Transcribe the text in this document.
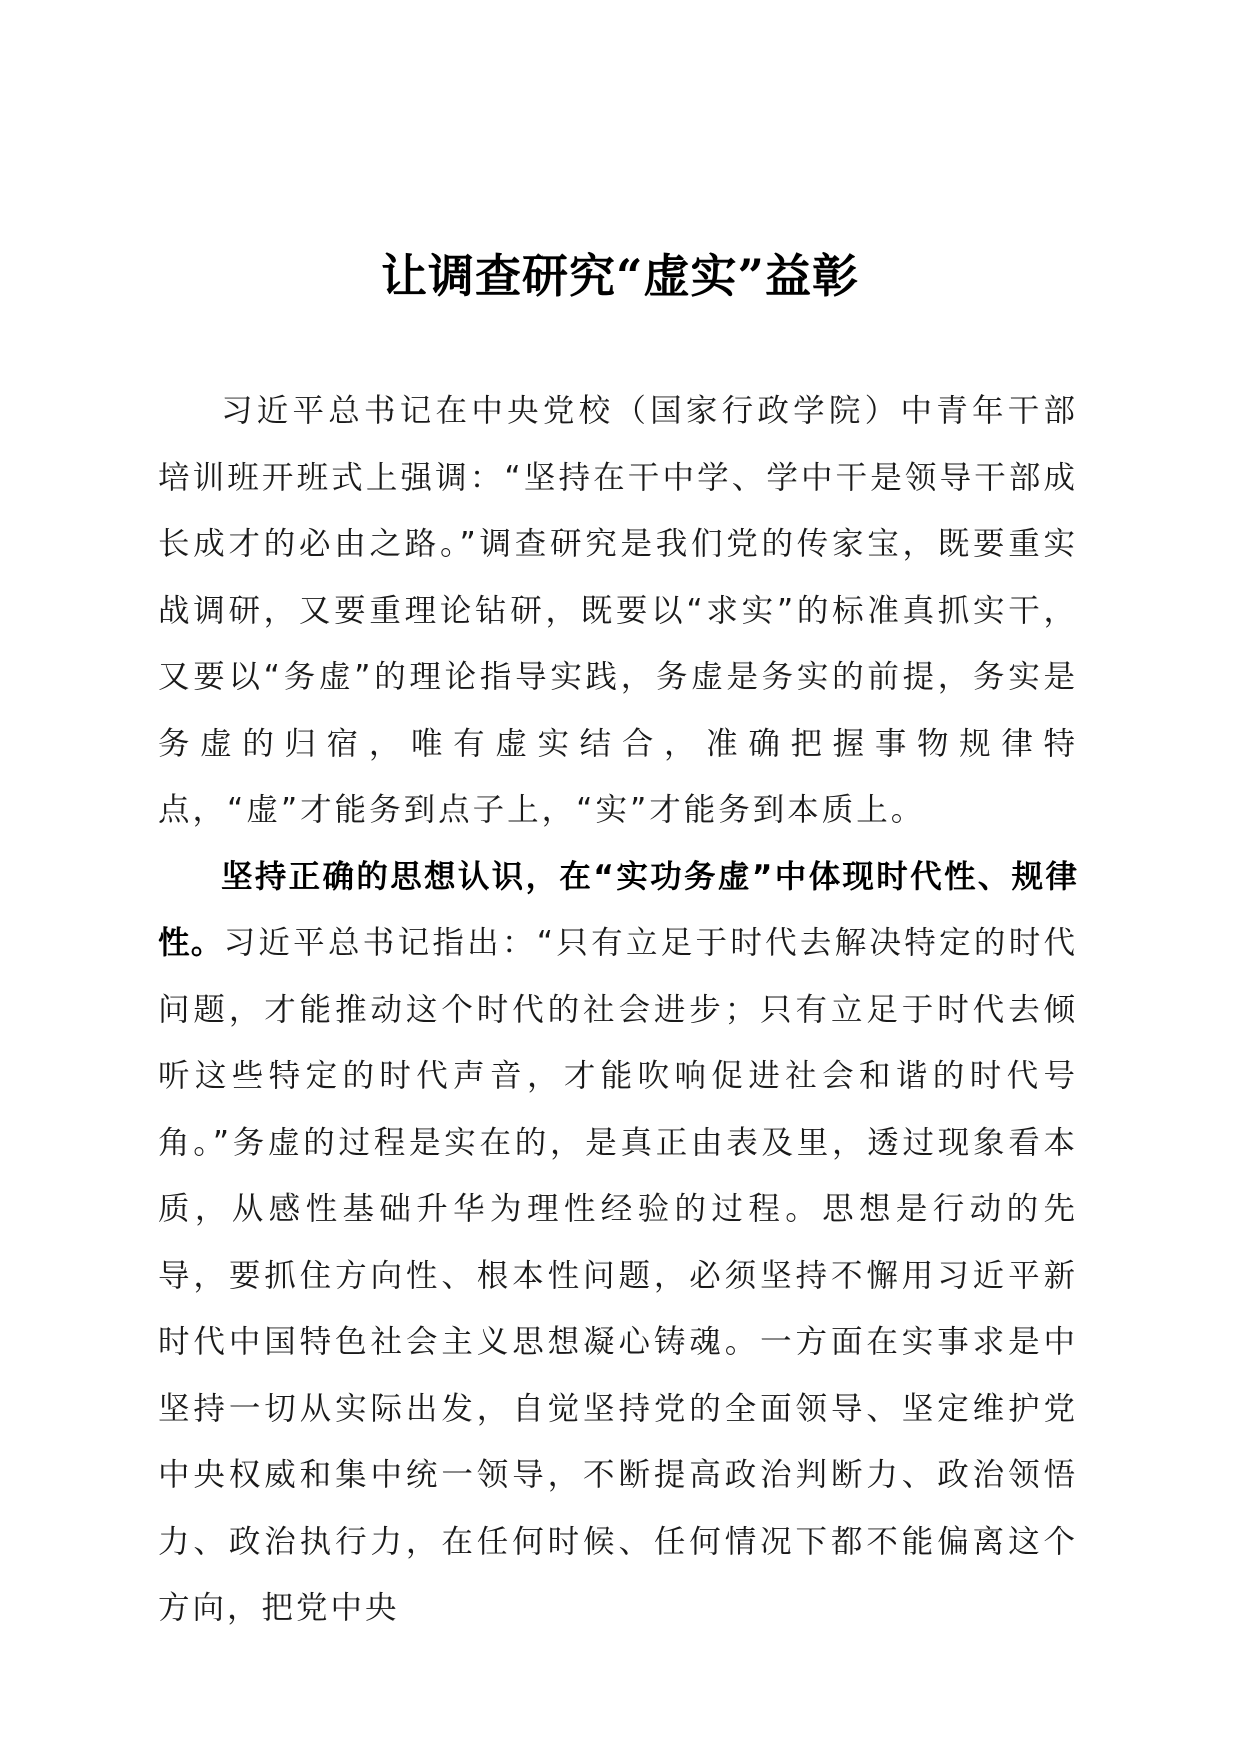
让调查研究“虚实”益彰

习近平总书记在中央党校（国家行政学院）中青年干部培训班开班式上强调：“坚持在干中学、学中干是领导干部成长成才的必由之路。”调查研究是我们党的传家宝，既要重实战调研，又要重理论钻研，既要以“求实”的标准真抓实干，又要以“务虚”的理论指导实践，务虚是务实的前提，务实是务虚的归宿，唯有虚实结合，准确把握事物规律特点，“虚”才能务到点子上，“实”才能务到本质上。

坚持正确的思想认识，在“实功务虚”中体现时代性、规律性。习近平总书记指出：“只有立足于时代去解决特定的时代问题，才能推动这个时代的社会进步；只有立足于时代去倾听这些特定的时代声音，才能吹响促进社会和谐的时代号角。”务虚的过程是实在的，是真正由表及里，透过现象看本质，从感性基础升华为理性经验的过程。思想是行动的先导，要抓住方向性、根本性问题，必须坚持不懈用习近平新时代中国特色社会主义思想凝心铸魂。一方面在实事求是中坚持一切从实际出发，自觉坚持党的全面领导、坚定维护党中央权威和集中统一领导，不断提高政治判断力、政治领悟力、政治执行力，在任何时候、任何情况下都不能偏离这个方向，把党中央
